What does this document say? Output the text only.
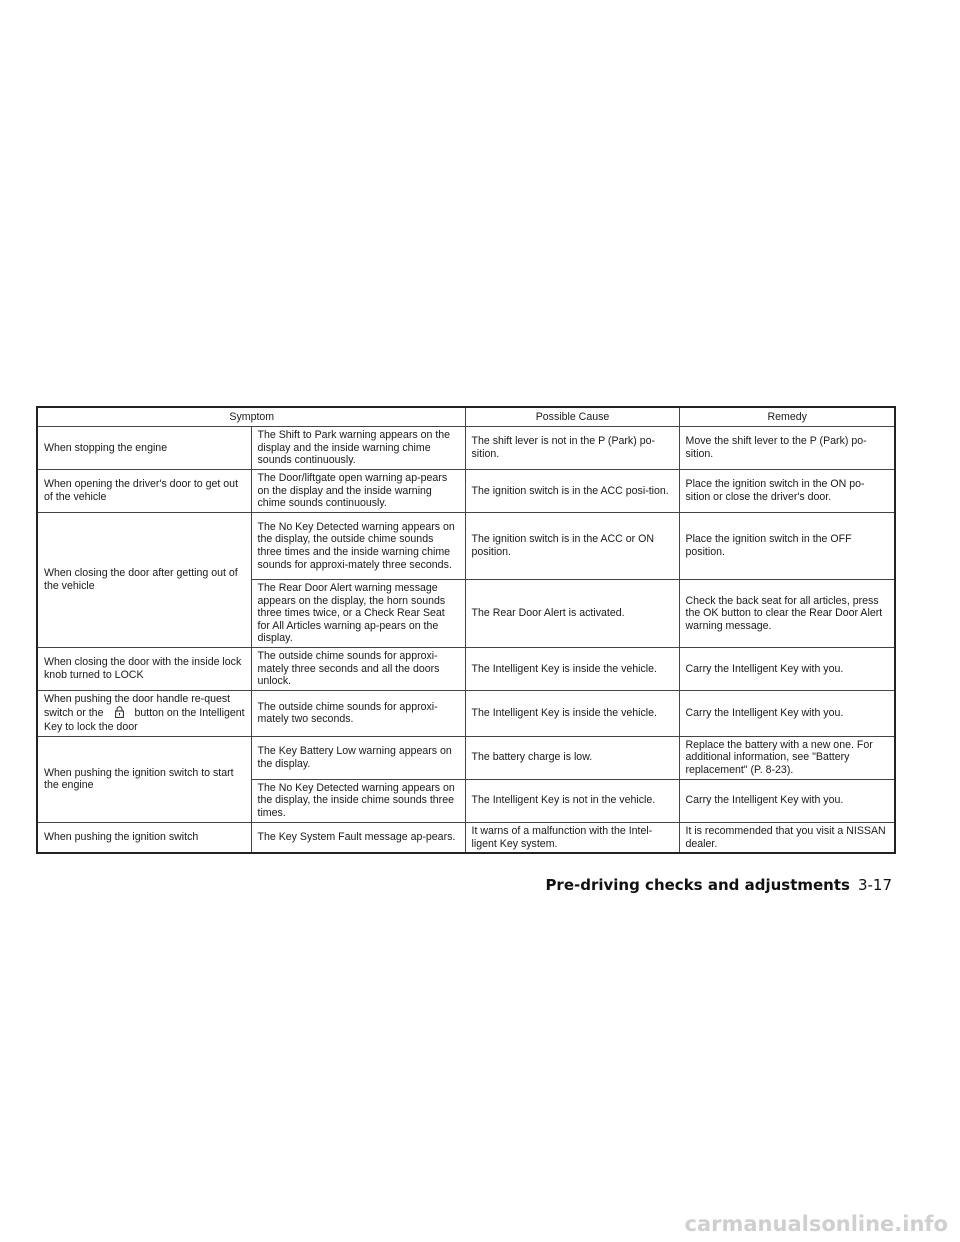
Symptom		Possible Cause	Remedy
When stopping the engine	The Shift to Park warning appears on the display and the inside warning chime sounds continuously.	The shift lever is not in the P (Park) po-sition.	Move the shift lever to the P (Park) po-sition.
When opening the driver's door to get out of the vehicle	The Door/liftgate open warning ap-pears on the display and the inside warning chime sounds continuously.	The ignition switch is in the ACC posi-tion.	Place the ignition switch in the ON po-sition or close the driver's door.
When closing the door after getting out of the vehicle	The No Key Detected warning appears on the display, the outside chime sounds three times and the inside warning chime sounds for approxi-mately three seconds.	The ignition switch is in the ACC or ON position.	Place the ignition switch in the OFF position.
	The Rear Door Alert warning message appears on the display, the horn sounds three times twice, or a Check Rear Seat for All Articles warning ap-pears on the display.	The Rear Door Alert is activated.	Check the back seat for all articles, press the OK button to clear the Rear Door Alert warning message.
When closing the door with the inside lock knob turned to LOCK	The outside chime sounds for approxi-mately three seconds and all the doors unlock.	The Intelligent Key is inside the vehicle.	Carry the Intelligent Key with you.
When pushing the door handle re-quest switch or the button on the Intelligent Key to lock the door	The outside chime sounds for approxi-mately two seconds.	The Intelligent Key is inside the vehicle.	Carry the Intelligent Key with you.
When pushing the ignition switch to start the engine	The Key Battery Low warning appears on the display.	The battery charge is low.	Replace the battery with a new one. For additional information, see "Battery replacement" (P. 8-23).
	The No Key Detected warning appears on the display, the inside chime sounds three times.	The Intelligent Key is not in the vehicle.	Carry the Intelligent Key with you.
When pushing the ignition switch	The Key System Fault message ap-pears.	It warns of a malfunction with the Intel-ligent Key system.	It is recommended that you visit a NISSAN dealer.
Pre-driving checks and adjustments 3-17
carmanualsonline.info
